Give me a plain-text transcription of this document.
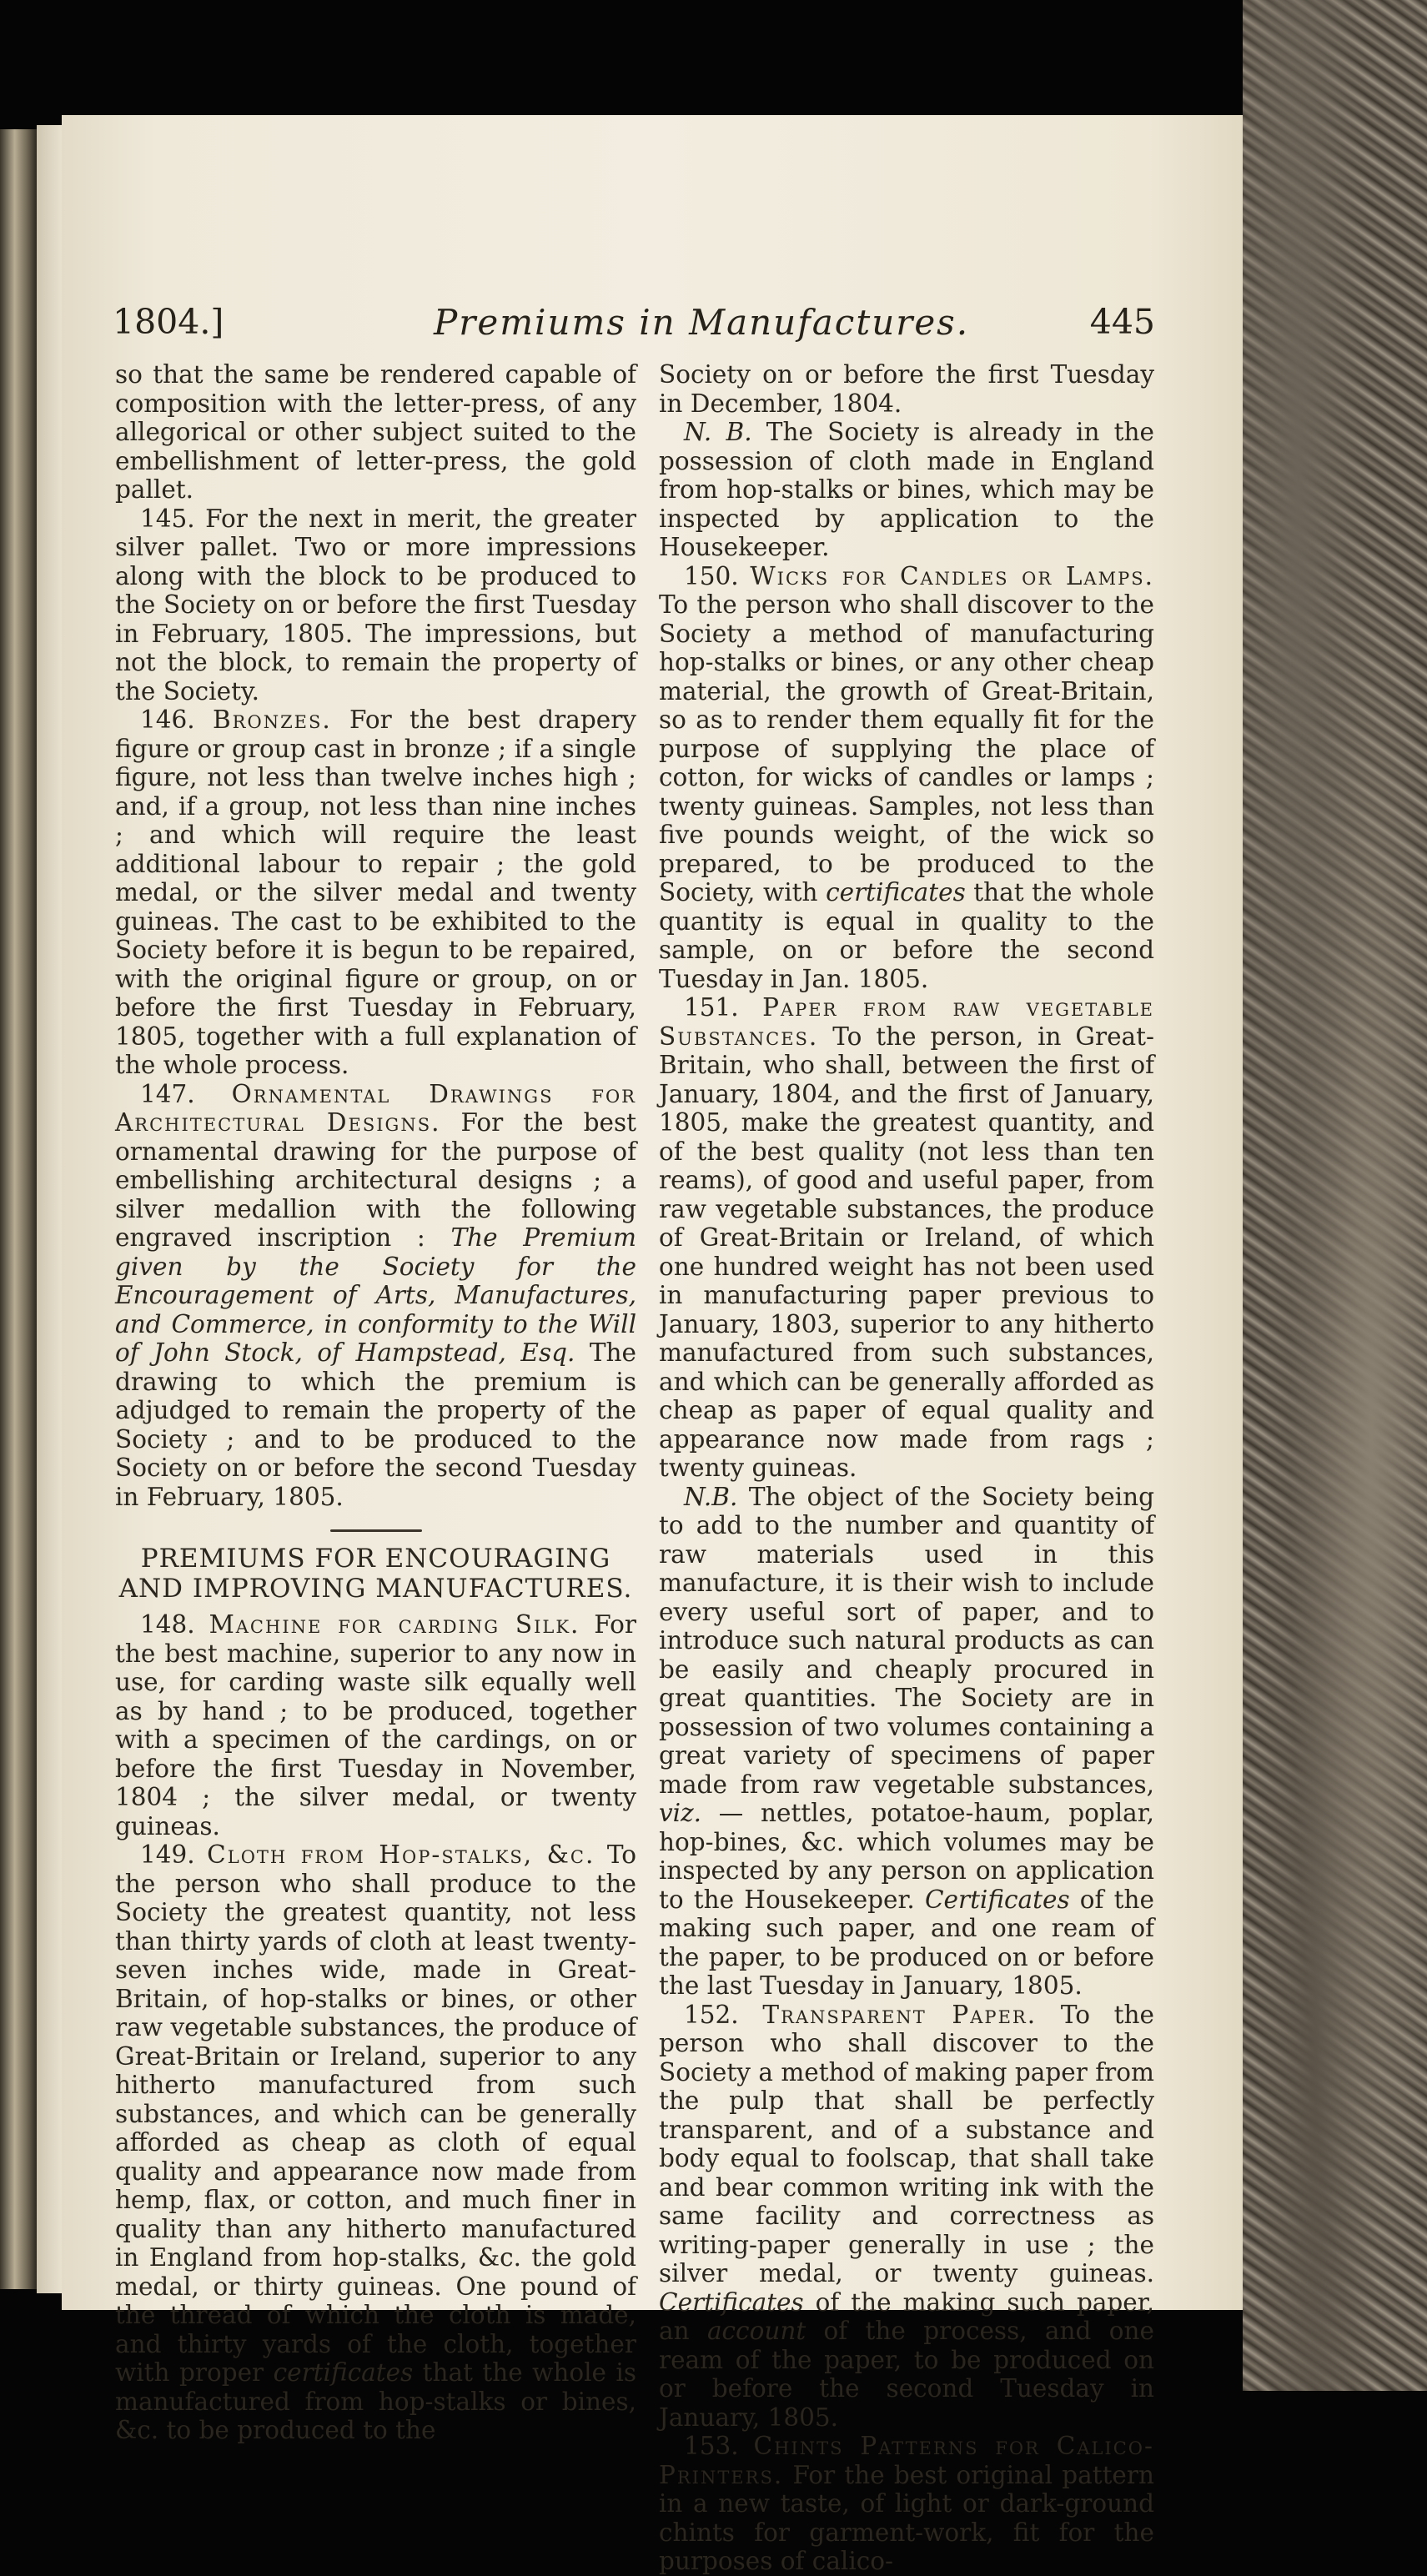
1804.]	Premiums in Manufactures.	445

so that the same be rendered capable of composition with the letter-press, of any allegorical or other subject suited to the embellishment of letter-press, the gold pallet.

145. For the next in merit, the greater silver pallet. Two or more impressions along with the block to be produced to the Society on or before the first Tuesday in February, 1805. The impressions, but not the block, to remain the property of the Society.

146. Bronzes. For the best drapery figure or group cast in bronze ; if a single figure, not less than twelve inches high ; and, if a group, not less than nine inches ; and which will require the least additional labour to repair ; the gold medal, or the silver medal and twenty guineas. The cast to be exhibited to the Society before it is begun to be repaired, with the original figure or group, on or before the first Tuesday in February, 1805, together with a full explanation of the whole process.

147. Ornamental Drawings for Architectural Designs. For the best ornamental drawing for the purpose of embellishing architectural designs ; a silver medallion with the following engraved inscription : The Premium given by the Society for the Encouragement of Arts, Manufactures, and Commerce, in conformity to the Will of John Stock, of Hampstead, Esq. The drawing to which the premium is adjudged to remain the property of the Society ; and to be produced to the Society on or before the second Tuesday in February, 1805.

PREMIUMS FOR ENCOURAGING AND IMPROVING MANUFACTURES.

148. Machine for carding Silk. For the best machine, superior to any now in use, for carding waste silk equally well as by hand ; to be produced, together with a specimen of the cardings, on or before the first Tuesday in November, 1804 ; the silver medal, or twenty guineas.

149. Cloth from Hop-stalks, &c. To the person who shall produce to the Society the greatest quantity, not less than thirty yards of cloth at least twenty-seven inches wide, made in Great-Britain, of hop-stalks or bines, or other raw vegetable substances, the produce of Great-Britain or Ireland, superior to any hitherto manufactured from such substances, and which can be generally afforded as cheap as cloth of equal quality and appearance now made from hemp, flax, or cotton, and much finer in quality than any hitherto manufactured in England from hop-stalks, &c. the gold medal, or thirty guineas. One pound of the thread of which the cloth is made, and thirty yards of the cloth, together with proper certificates that the whole is manufactured from hop-stalks or bines, &c. to be produced to the

Society on or before the first Tuesday in December, 1804.

N. B. The Society is already in the possession of cloth made in England from hop-stalks or bines, which may be inspected by application to the Housekeeper.

150. Wicks for Candles or Lamps. To the person who shall discover to the Society a method of manufacturing hop-stalks or bines, or any other cheap material, the growth of Great-Britain, so as to render them equally fit for the purpose of supplying the place of cotton, for wicks of candles or lamps ; twenty guineas. Samples, not less than five pounds weight, of the wick so prepared, to be produced to the Society, with certificates that the whole quantity is equal in quality to the sample, on or before the second Tuesday in Jan. 1805.

151. Paper from raw vegetable Substances. To the person, in Great-Britain, who shall, between the first of January, 1804, and the first of January, 1805, make the greatest quantity, and of the best quality (not less than ten reams), of good and useful paper, from raw vegetable substances, the produce of Great-Britain or Ireland, of which one hundred weight has not been used in manufacturing paper previous to January, 1803, superior to any hitherto manufactured from such substances, and which can be generally afforded as cheap as paper of equal quality and appearance now made from rags ; twenty guineas.

N.B. The object of the Society being to add to the number and quantity of raw materials used in this manufacture, it is their wish to include every useful sort of paper, and to introduce such natural products as can be easily and cheaply procured in great quantities. The Society are in possession of two volumes containing a great variety of specimens of paper made from raw vegetable substances, viz. — nettles, potatoe-haum, poplar, hop-bines, &c. which volumes may be inspected by any person on application to the Housekeeper. Certificates of the making such paper, and one ream of the paper, to be produced on or before the last Tuesday in January, 1805.

152. Transparent Paper. To the person who shall discover to the Society a method of making paper from the pulp that shall be perfectly transparent, and of a substance and body equal to foolscap, that shall take and bear common writing ink with the same facility and correctness as writing-paper generally in use ; the silver medal, or twenty guineas. Certificates of the making such paper, an account of the process, and one ream of the paper, to be produced on or before the second Tuesday in January, 1805.

153. Chints Patterns for Calico-Printers. For the best original pattern in a new taste, of light or dark-ground chints for garment-work, fit for the purposes of calico-
